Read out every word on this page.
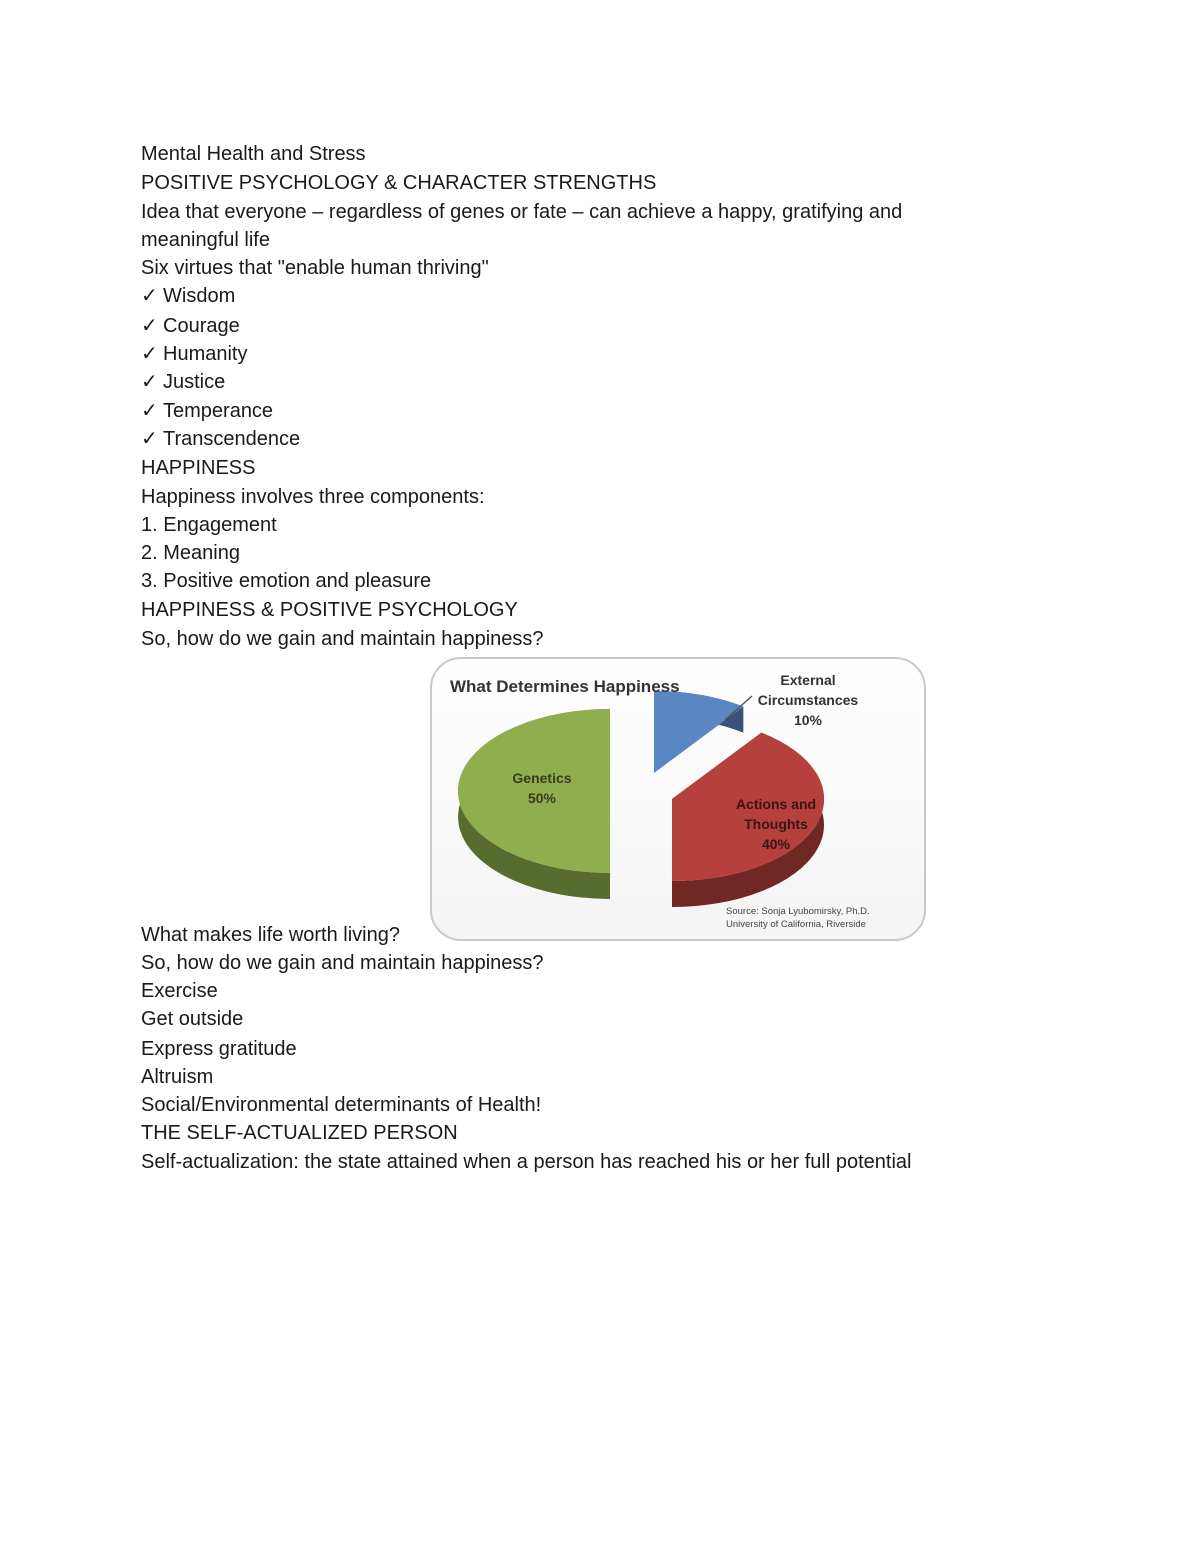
Mental Health and Stress

POSITIVE PSYCHOLOGY & CHARACTER STRENGTHS

Idea that everyone – regardless of genes or fate – can achieve a happy, gratifying and

meaningful life

Six virtues that "enable human thriving"

✓ Wisdom

✓ Courage

✓ Humanity

✓ Justice

✓ Temperance

✓ Transcendence

HAPPINESS

Happiness involves three components:

1. Engagement

2. Meaning

3. Positive emotion and pleasure

HAPPINESS & POSITIVE PSYCHOLOGY

So, how do we gain and maintain happiness?

What Determines Happiness
Genetics
50%
External
Circumstances
10%
Actions and
Thoughts
40%
Source: Sonja Lyubomirsky, Ph.D.
University of California, Riverside

What makes life worth living?

So, how do we gain and maintain happiness?

Exercise

Get outside

Express gratitude

Altruism

Social/Environmental determinants of Health!

THE SELF-ACTUALIZED PERSON

Self-actualization: the state attained when a person has reached his or her full potential
